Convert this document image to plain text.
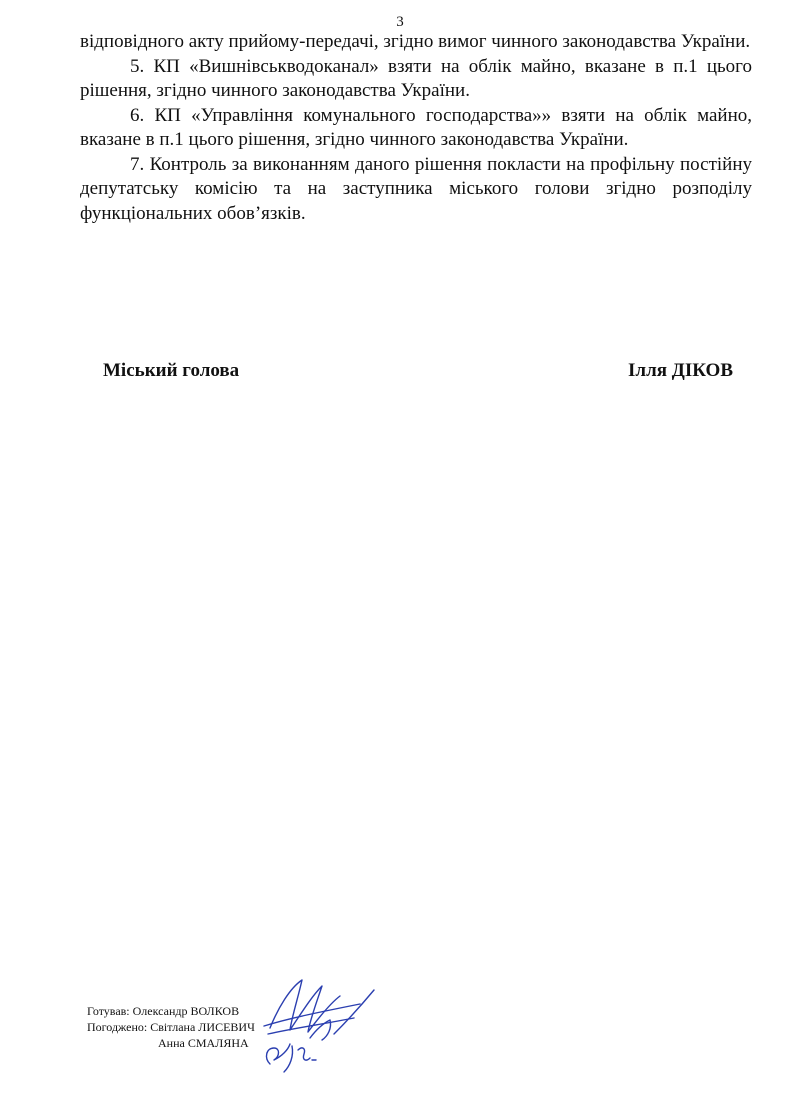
3

відповідного акту прийому-передачі, згідно вимог чинного законодавства України.

5. КП «Вишнівськводоканал» взяти на облік майно, вказане в п.1 цього рішення, згідно чинного законодавства України.

6. КП «Управління комунального господарства»» взяти на облік майно, вказане в п.1 цього рішення, згідно чинного законодавства України.

7. Контроль за виконанням даного рішення покласти на профільну постійну депутатську комісію та на заступника міського голови згідно розподілу функціональних обов’язків.

Міський голова	Ілля ДІКОВ
Готував: Олександр ВОЛКОВ
Погоджено: Світлана ЛИСЕВИЧ
Анна СМАЛЯНА
